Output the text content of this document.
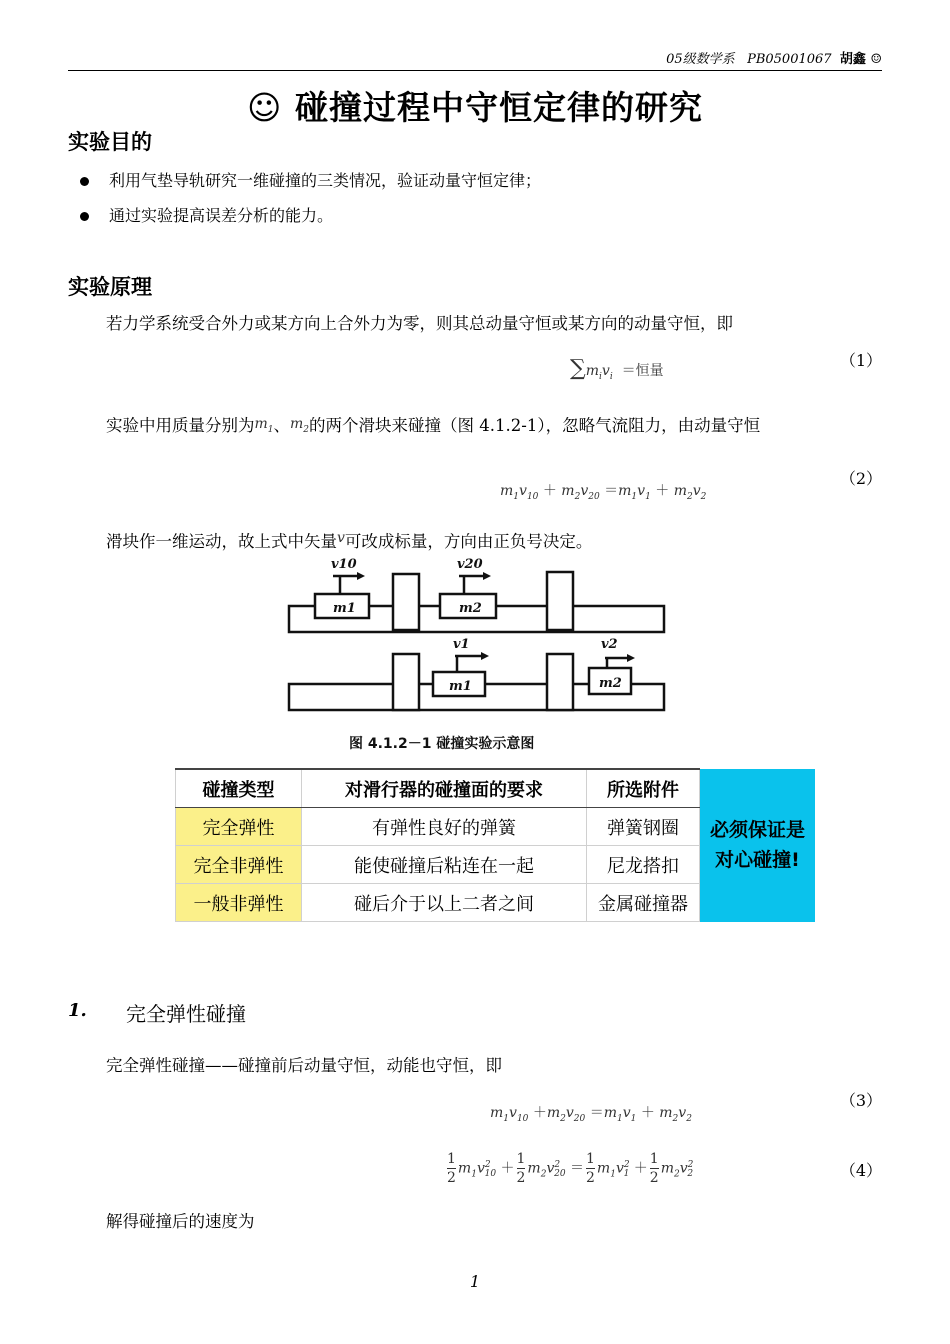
05级数学系 PB05001067 胡鑫 ☺
☺ 碰撞过程中守恒定律的研究
实验目的
利用气垫导轨研究一维碰撞的三类情况，验证动量守恒定律；
通过实验提高误差分析的能力。
实验原理

若力学系统受合外力或某方向上合外力为零，则其总动量守恒或某方向的动量守恒，即

$\sum m_iv_i$ ＝恒量
（1）

实验中用质量分别为$m_1$、$m_2$的两个滑块来碰撞（图 4.1.2-1），忽略气流阻力，由动量守恒

$m_1v_{10} + m_2v_{20} =m_1v_1 + m_2v_2$
（2）

滑块作一维运动，故上式中矢量$^v$可改成标量，方向由正负号决定。

v10	v20
v1	v2
m1	m2
m1	m2
图 4.1.2－1 碰撞实验示意图
碰撞类型	对滑行器的碰撞面的要求	所选附件	必须保证是
对心碰撞!
完全弹性	有弹性良好的弹簧	弹簧钢圈	
完全非弹性	能使碰撞后粘连在一起	尼龙搭扣	
一般非弹性	碰后介于以上二者之间	金属碰撞器	
1. 完全弹性碰撞

完全弹性碰撞——碰撞前后动量守恒，动能也守恒，即

$m_1v_{10} +m_2v_{20} =m_1v_1 + m_2v_2$
（3）
$\frac{1}{2} m_1v^2_{10} + \frac{1}{2} m_2v^2_{20} = \frac{1}{2} m_1v^2_1 + \frac{1}{2} m_2v^2_2$	（4）

解得碰撞后的速度为

1
